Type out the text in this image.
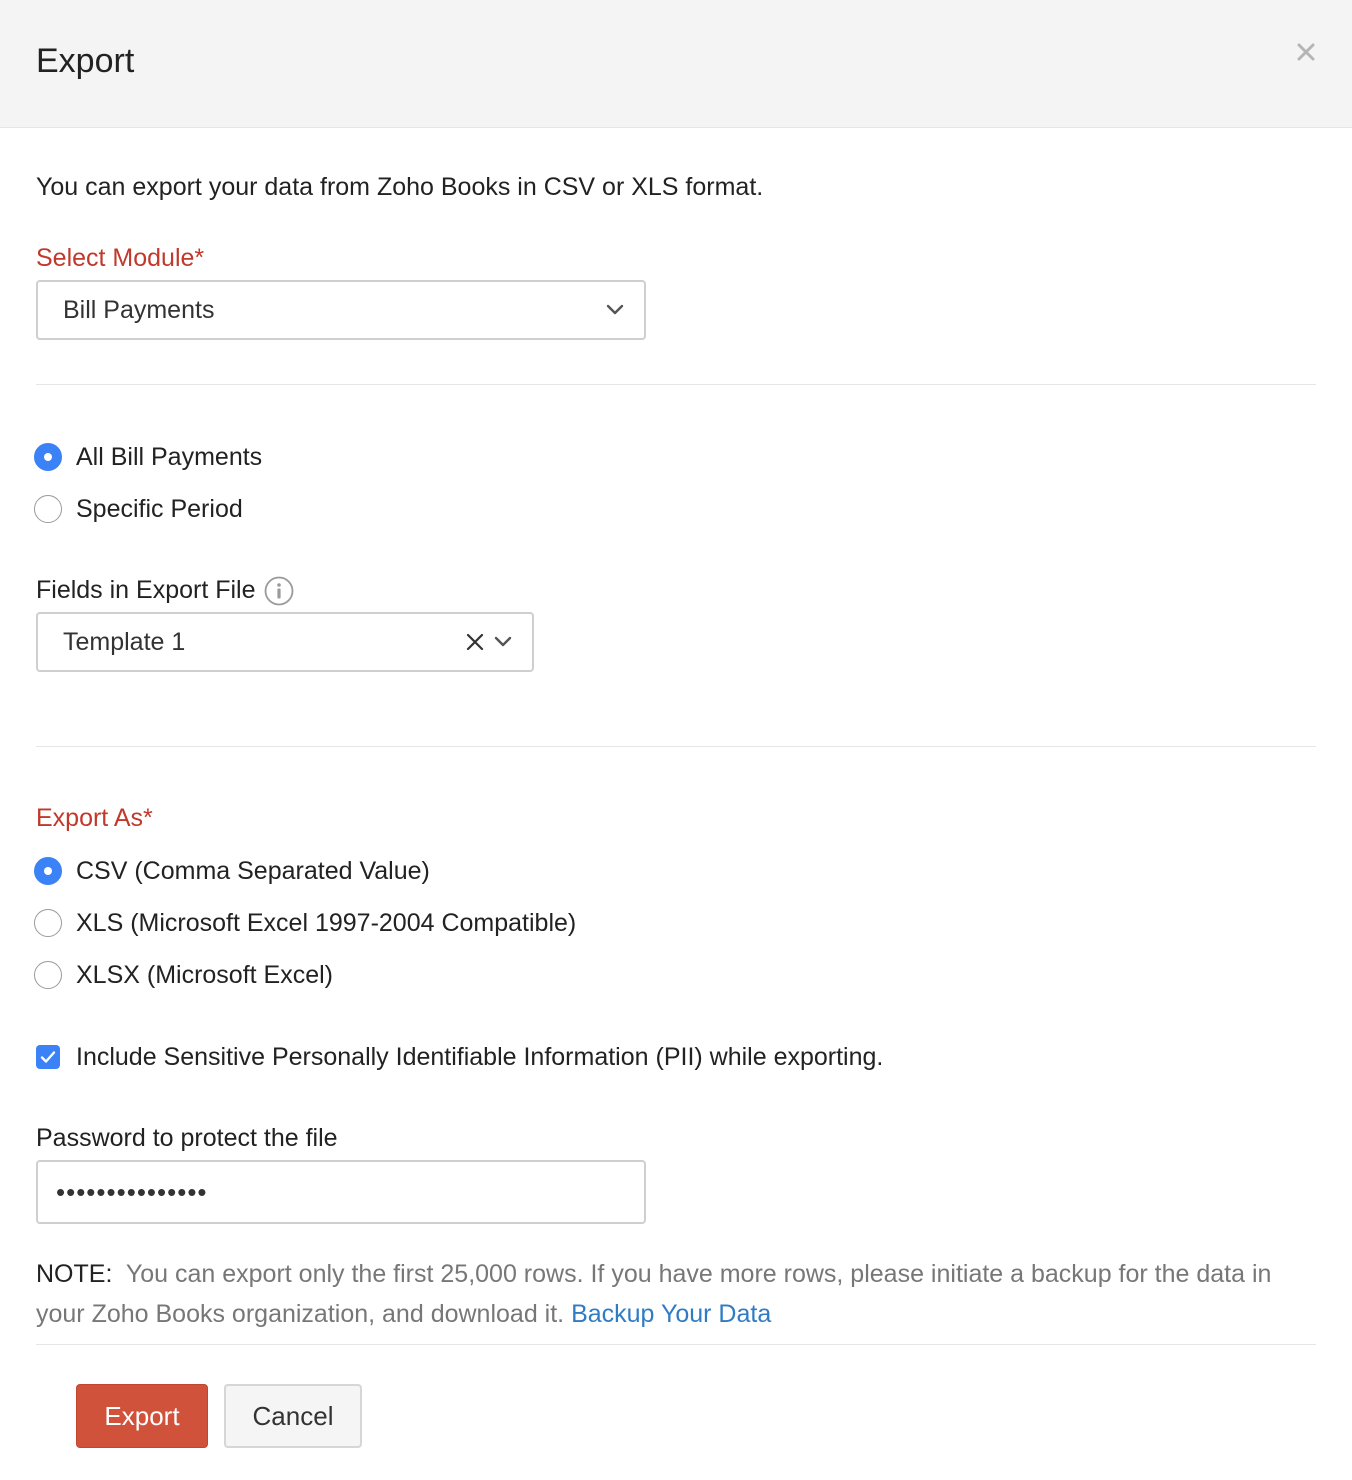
Export

You can export your data from Zoho Books in CSV or XLS format.

Select Module*
Bill Payments
All Bill Payments
Specific Period
Fields in Export File
Template 1
Export As*
CSV (Comma Separated Value)
XLS (Microsoft Excel 1997-2004 Compatible)
XLSX (Microsoft Excel)
Include Sensitive Personally Identifiable Information (PII) while exporting.
Password to protect the file
•••••••••••••••

NOTE: You can export only the first 25,000 rows. If you have more rows, please initiate a backup for the data in your Zoho Books organization, and download it. Backup Your Data

Export	Cancel
